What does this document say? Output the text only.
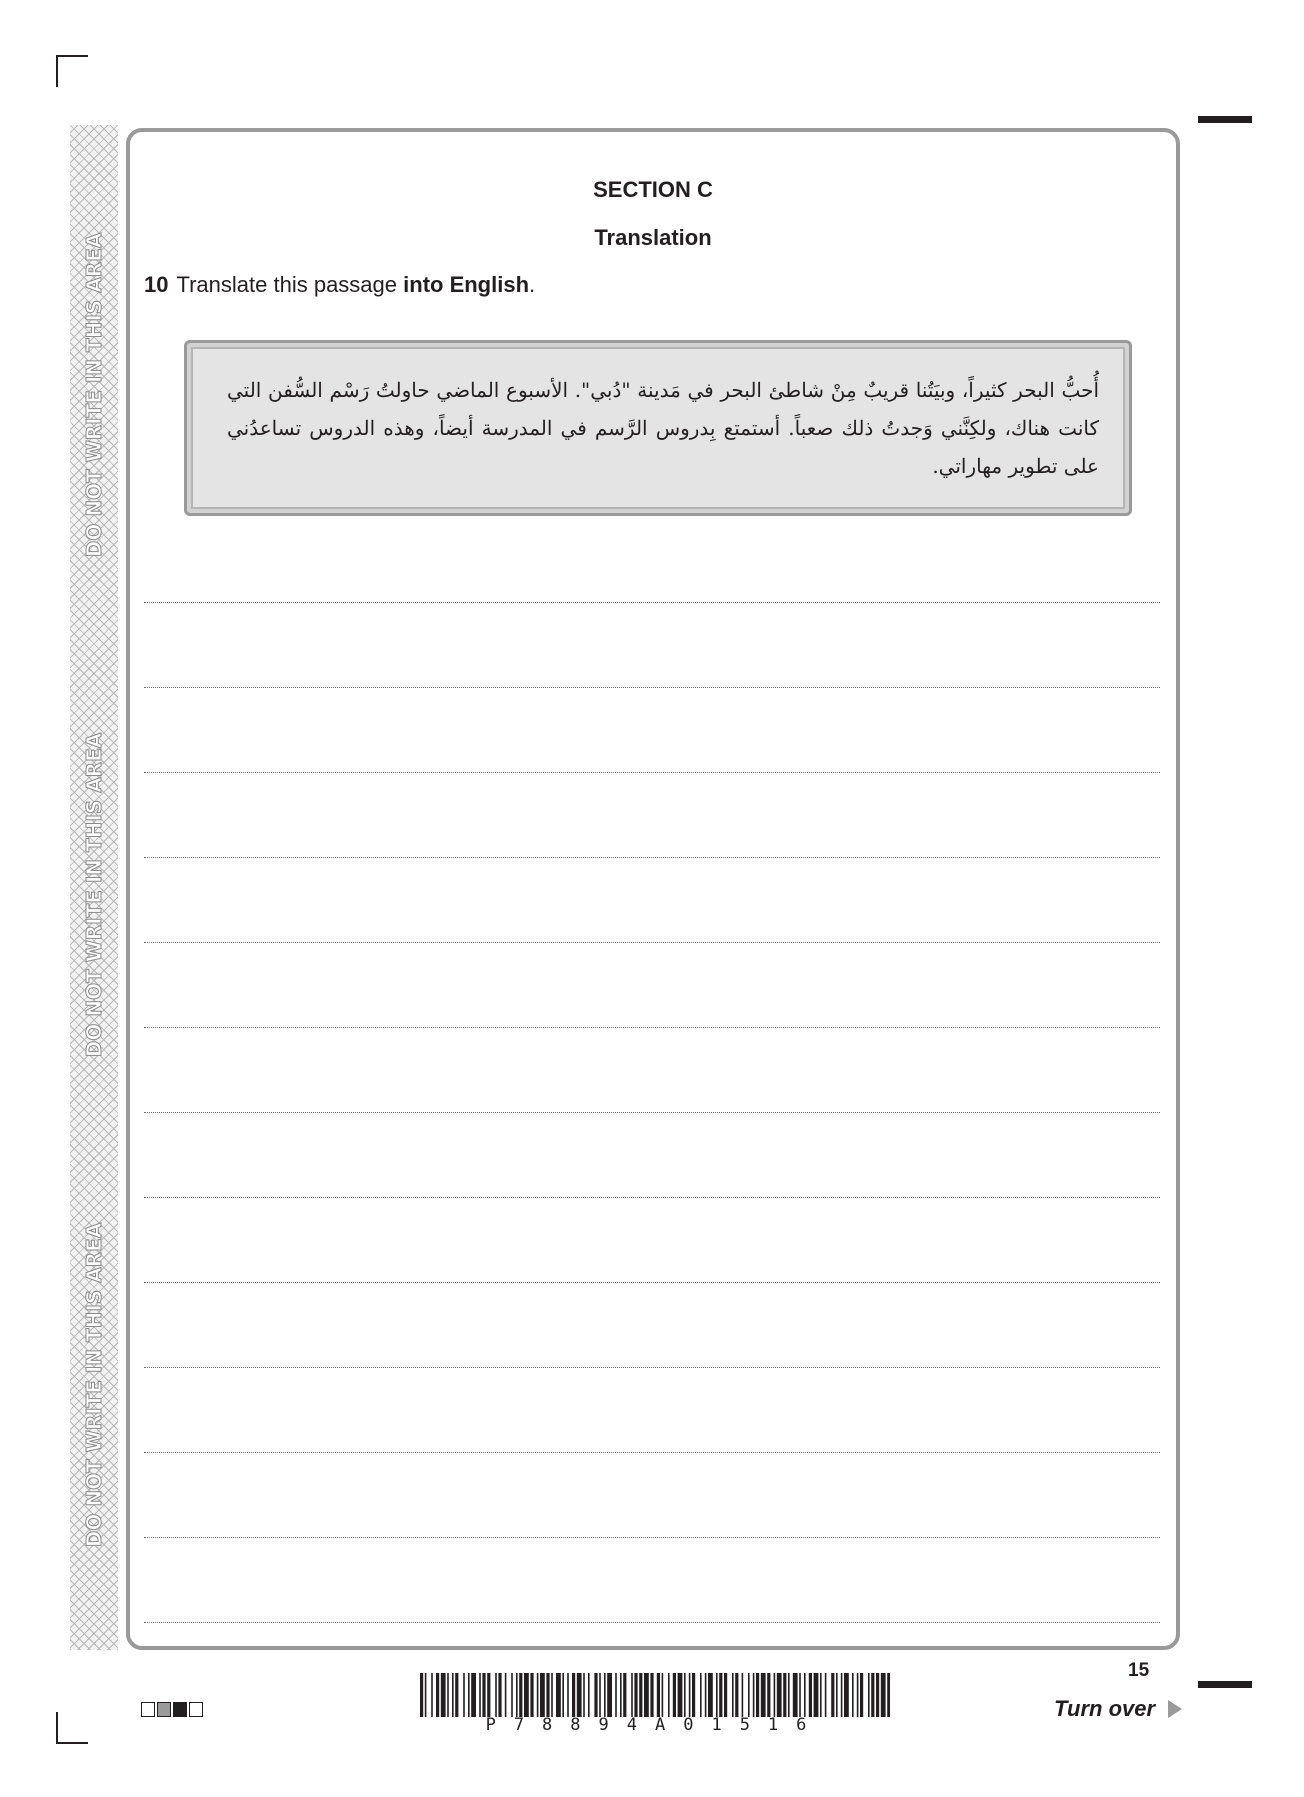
DO NOT WRITE IN THIS AREA
DO NOT WRITE IN THIS AREA
DO NOT WRITE IN THIS AREA
SECTION C
Translation
10 Translate this passage into English.
أُحبُّ البحر كثيراً، وبيَتُنا قريبٌ مِنْ شاطئ البحر في مَدينة "دُبي". الأسبوع الماضي حاولتُ رَسْم السُّفن التي كانت هناك، ولكِنَّني وَجدتُ ذلك صعباً. أستمتع بِدروس الرَّسم في المدرسة أيضاً، وهذه الدروس تساعدُني على تطوير مهاراتي.
P78894A01516
15
Turn over
